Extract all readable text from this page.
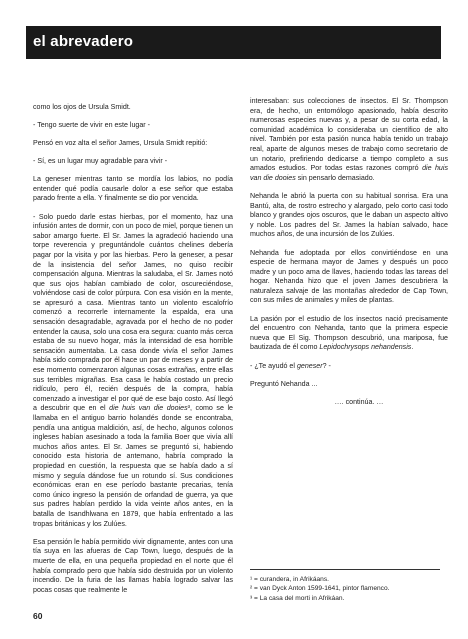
el abrevadero

como los ojos de Ursula Smidt.

- Tengo suerte de vivir en este lugar -

Pensó en voz alta el señor James, Ursula Smidt repitió:

- Sí, es un lugar muy agradable para vivir -

La geneser mientras tanto se mordía los labios, no podía entender qué podía causarle dolor a ese señor que estaba parado frente a ella. Y finalmente se dio por vencida.

- Solo puedo darle estas hierbas, por el momento, haz una infusión antes de dormir, con un poco de miel, porque tienen un sabor amargo fuerte. El Sr. James la agradeció haciendo una torpe reverencia y preguntándole cuántos chelines debería pagar por la visita y por las hierbas. Pero la geneser, a pesar de la insistencia del señor James, no quiso recibir compensación alguna. Mientras la saludaba, el Sr. James notó que sus ojos habían cambiado de color, oscureciéndose, volviéndose casi de color púrpura. Con esa visión en la mente, se apresuró a casa. Mientras tanto un violento escalofrío comenzó a recorrerle internamente la espalda, era una sensación desagradable, agravada por el hecho de no poder entender la causa, solo una cosa era segura: cuanto más cerca estaba de su nuevo hogar, más la intensidad de esa horrible sensación aumentaba. La casa donde vivía el señor James había sido comprada por él hace un par de meses y a partir de ese momento comenzaron algunas cosas extrañas, entre ellas sus terribles migrañas. Esa casa le había costado un precio ridículo, pero él, recién después de la compra, había comenzado a investigar el por qué de ese bajo costo. Así llegó a descubrir que en el die huis van die dooies³, como se le llamaba en el antiguo barrio holandés donde se encontraba, pendía una antigua maldición, así, de hecho, algunos colonos ingleses habían asesinado a toda la familia Boer que vivía allí muchos años antes. El Sr. James se preguntó si, habiendo conocido esta historia de antemano, habría comprado la propiedad en cuestión, la respuesta que se había dado a sí mismo y seguía dándose fue un rotundo sí. Sus condiciones económicas eran en ese período bastante precarias, tenía como único ingreso la pensión de orfandad de guerra, ya que sus padres habían perdido la vida veinte años antes, en la batalla de Isandhlwana en 1879, que había enfrentado a las tropas británicas y los Zulúes.

Esa pensión le había permitido vivir dignamente, antes con una tía suya en las afueras de Cap Town, luego, después de la muerte de ella, en una pequeña propiedad en el norte que él había comprado pero que había sido destruida por un violento incendio. De la furia de las llamas había logrado salvar las pocas cosas que realmente le

interesaban: sus colecciones de insectos. El Sr. Thompson era, de hecho, un entomólogo apasionado, había descrito numerosas especies nuevas y, a pesar de su corta edad, la comunidad académica lo consideraba un científico de alto nivel. También por esta pasión nunca había tenido un trabajo real, aparte de algunos meses de trabajo como secretario de un notario, prefiriendo dedicarse a tiempo completo a sus amados estudios. Por todas estas razones compró die huis van die dooies sin pensarlo demasiado.

Nehanda le abrió la puerta con su habitual sonrisa. Era una Bantú, alta, de rostro estrecho y alargado, pelo corto casi todo blanco y grandes ojos oscuros, que le daban un aspecto altivo y noble. Los padres del Sr. James la habían salvado, hace muchos años, de una incursión de los Zulúes.

Nehanda fue adoptada por ellos convirtiéndose en una especie de hermana mayor de James y después un poco madre y un poco ama de llaves, haciendo todas las tareas del hogar. Nehanda hizo que el joven James descubriera la naturaleza salvaje de las montañas alrededor de Cap Town, con sus miles de animales y miles de plantas.

La pasión por el estudio de los insectos nació precisamente del encuentro con Nehanda, tanto que la primera especie nueva que El Sig. Thompson descubrió, una mariposa, fue bautizada de él como Lepidochrysops nehandensis.

- ¿Te ayudó el geneser? -

Preguntó Nehanda ...

…. continúa. …

¹ = curandera, in Afrikáans.
² = van Dyck Anton 1599-1641, pintor flamenco.
³ = La casa del morti in Afrikáan.
60
